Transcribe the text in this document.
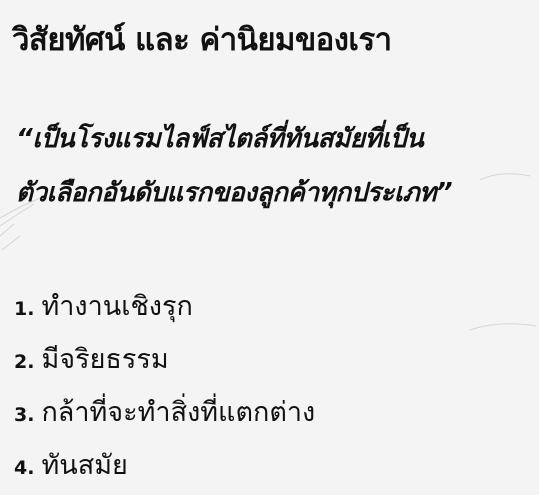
วิสัยทัศน์ และ ค่านิยมของเรา
“เป็นโรงแรมไลฟ์สไตล์ที่ทันสมัยที่เป็น
ตัวเลือกอันดับแรกของลูกค้าทุกประเภท”
1. ทำงานเชิงรุก
2. มีจริยธรรม
3. กล้าที่จะทำสิ่งที่แตกต่าง
4. ทันสมัย
